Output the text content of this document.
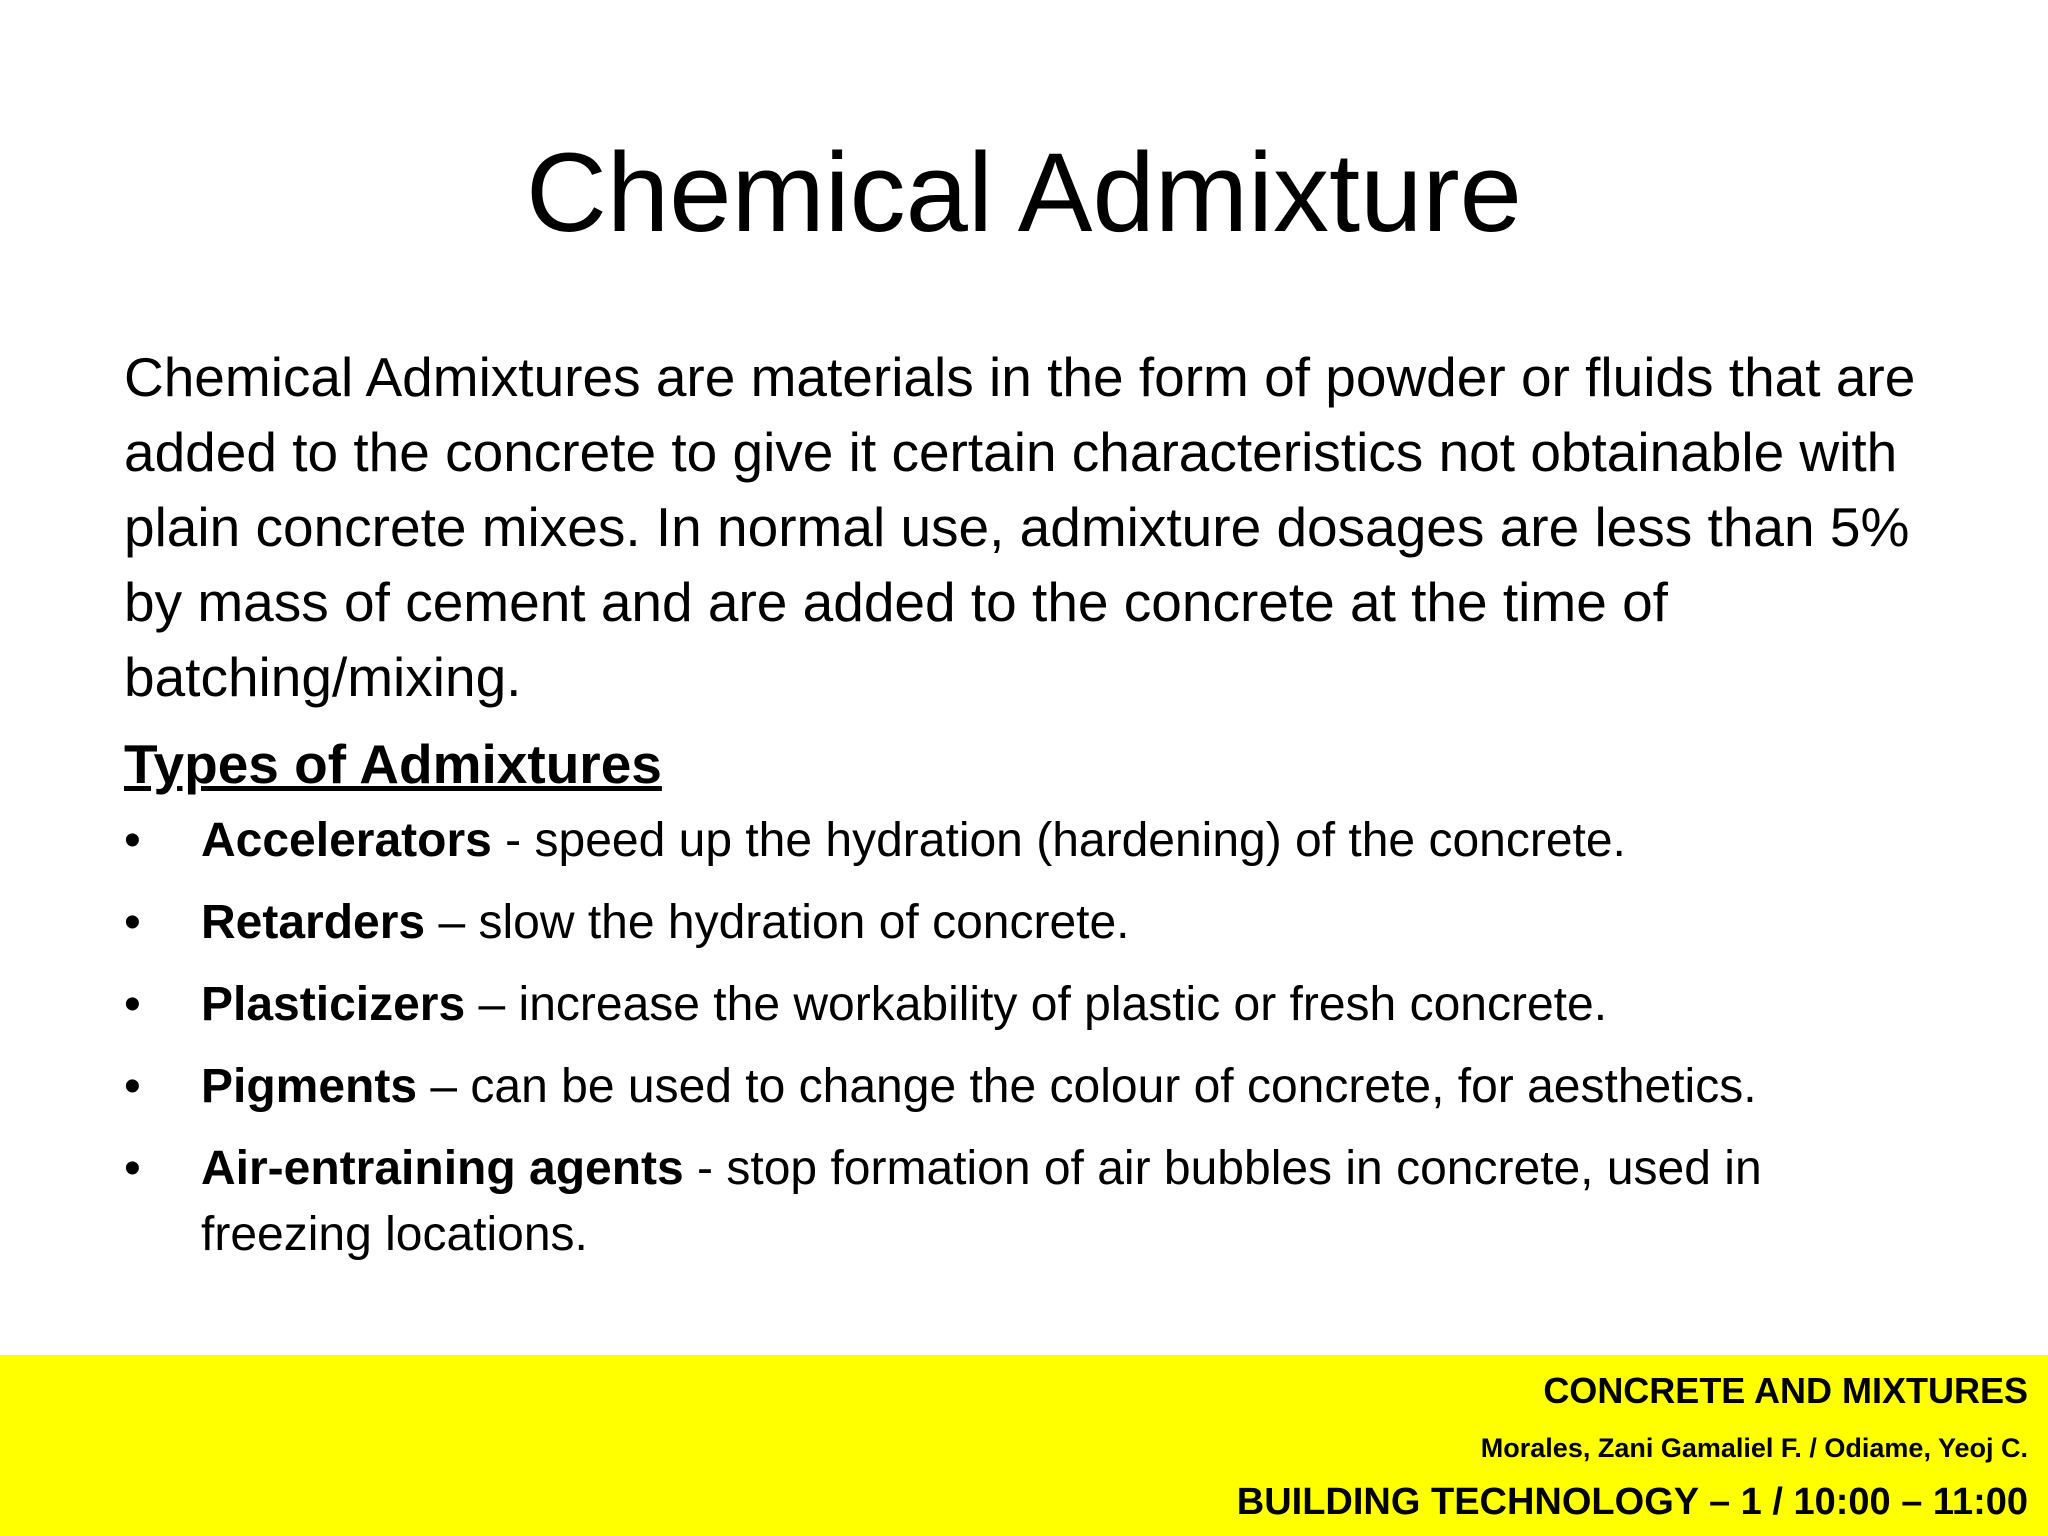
Chemical Admixture

Chemical Admixtures are materials in the form of powder or fluids that are added to the concrete to give it certain characteristics not obtainable with plain concrete mixes. In normal use, admixture dosages are less than 5% by mass of cement and are added to the concrete at the time of batching/mixing.

Types of Admixtures
•	Accelerators - speed up the hydration (hardening) of the concrete.
•	Retarders – slow the hydration of concrete.
•	Plasticizers – increase the workability of plastic or fresh concrete.
•	Pigments – can be used to change the colour of concrete, for aesthetics.
•	Air-entraining agents - stop formation of air bubbles in concrete, used in freezing locations.
CONCRETE AND MIXTURES
Morales, Zani Gamaliel F. / Odiame, Yeoj C.
BUILDING TECHNOLOGY – 1 / 10:00 – 11:00
